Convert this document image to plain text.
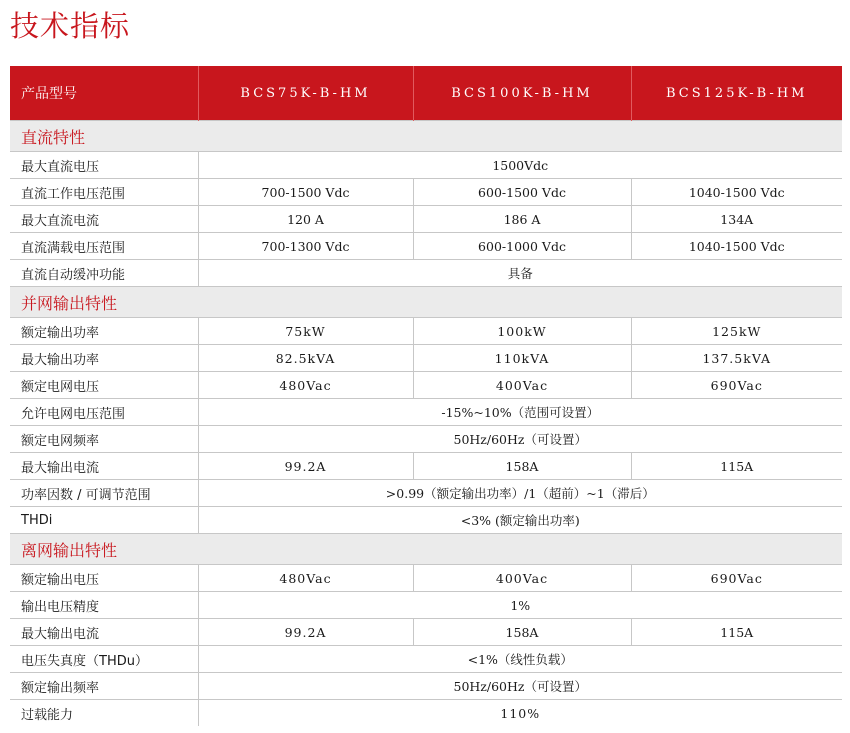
技术指标
产品型号	BCS75K-B-HM	BCS100K-B-HM	BCS125K-B-HM
直流特性			
最大直流电压	1500Vdc		
直流工作电压范围	700-1500 Vdc	600-1500 Vdc	1040-1500 Vdc
最大直流电流	120 A	186 A	134A
直流满载电压范围	700-1300 Vdc	600-1000 Vdc	1040-1500 Vdc
直流自动缓冲功能	具备		
并网输出特性			
额定输出功率	75kW	100kW	125kW
最大输出功率	82.5kVA	110kVA	137.5kVA
额定电网电压	480Vac	400Vac	690Vac
允许电网电压范围	-15%~10%（范围可设置）		
额定电网频率	50Hz/60Hz（可设置）		
最大输出电流	99.2A	158A	115A
功率因数 / 可调节范围	>0.99（额定输出功率）/1（超前）~1（滞后）		
THDi	<3% (额定输出功率)		
离网输出特性			
额定输出电压	480Vac	400Vac	690Vac
输出电压精度	1%		
最大输出电流	99.2A	158A	115A
电压失真度（THDu）	<1%（线性负载）		
额定输出频率	50Hz/60Hz（可设置）		
过载能力	110%		
